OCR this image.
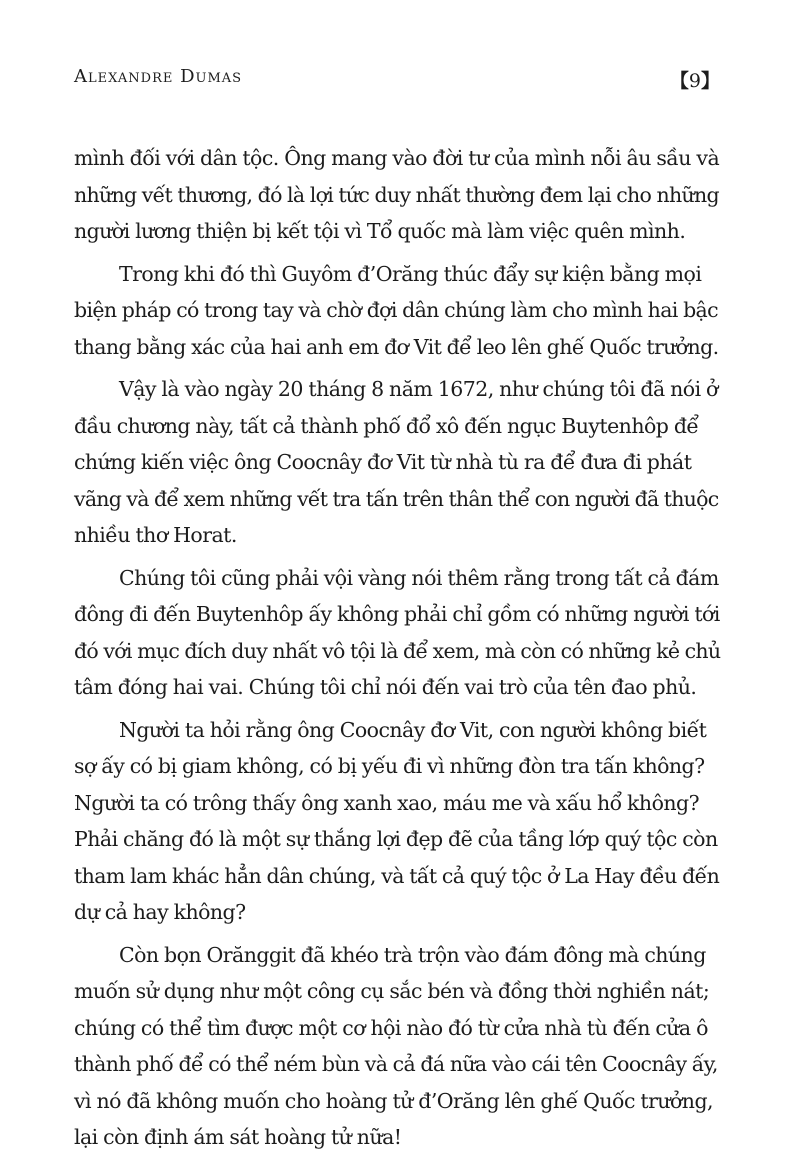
Alexandre Dumas	【9】
mình đối với dân tộc. Ông mang vào đời tư của mình nỗi âu sầu và
những vết thương, đó là lợi tức duy nhất thường đem lại cho những
người lương thiện bị kết tội vì Tổ quốc mà làm việc quên mình.
Trong khi đó thì Guyôm đ’Orăng thúc đẩy sự kiện bằng mọi
biện pháp có trong tay và chờ đợi dân chúng làm cho mình hai bậc
thang bằng xác của hai anh em đơ Vit để leo lên ghế Quốc trưởng.
Vậy là vào ngày 20 tháng 8 năm 1672, như chúng tôi đã nói ở
đầu chương này, tất cả thành phố đổ xô đến ngục Buytenhôp để
chứng kiến việc ông Coocnây đơ Vit từ nhà tù ra để đưa đi phát
vãng và để xem những vết tra tấn trên thân thể con người đã thuộc
nhiều thơ Horat.
Chúng tôi cũng phải vội vàng nói thêm rằng trong tất cả đám
đông đi đến Buytenhôp ấy không phải chỉ gồm có những người tới
đó với mục đích duy nhất vô tội là để xem, mà còn có những kẻ chủ
tâm đóng hai vai. Chúng tôi chỉ nói đến vai trò của tên đao phủ.
Người ta hỏi rằng ông Coocnây đơ Vit, con người không biết
sợ ấy có bị giam không, có bị yếu đi vì những đòn tra tấn không?
Người ta có trông thấy ông xanh xao, máu me và xấu hổ không?
Phải chăng đó là một sự thắng lợi đẹp đẽ của tầng lớp quý tộc còn
tham lam khác hẳn dân chúng, và tất cả quý tộc ở La Hay đều đến
dự cả hay không?
Còn bọn Orănggit đã khéo trà trộn vào đám đông mà chúng
muốn sử dụng như một công cụ sắc bén và đồng thời nghiền nát;
chúng có thể tìm được một cơ hội nào đó từ cửa nhà tù đến cửa ô
thành phố để có thể ném bùn và cả đá nữa vào cái tên Coocnây ấy,
vì nó đã không muốn cho hoàng tử đ’Orăng lên ghế Quốc trưởng,
lại còn định ám sát hoàng tử nữa!
